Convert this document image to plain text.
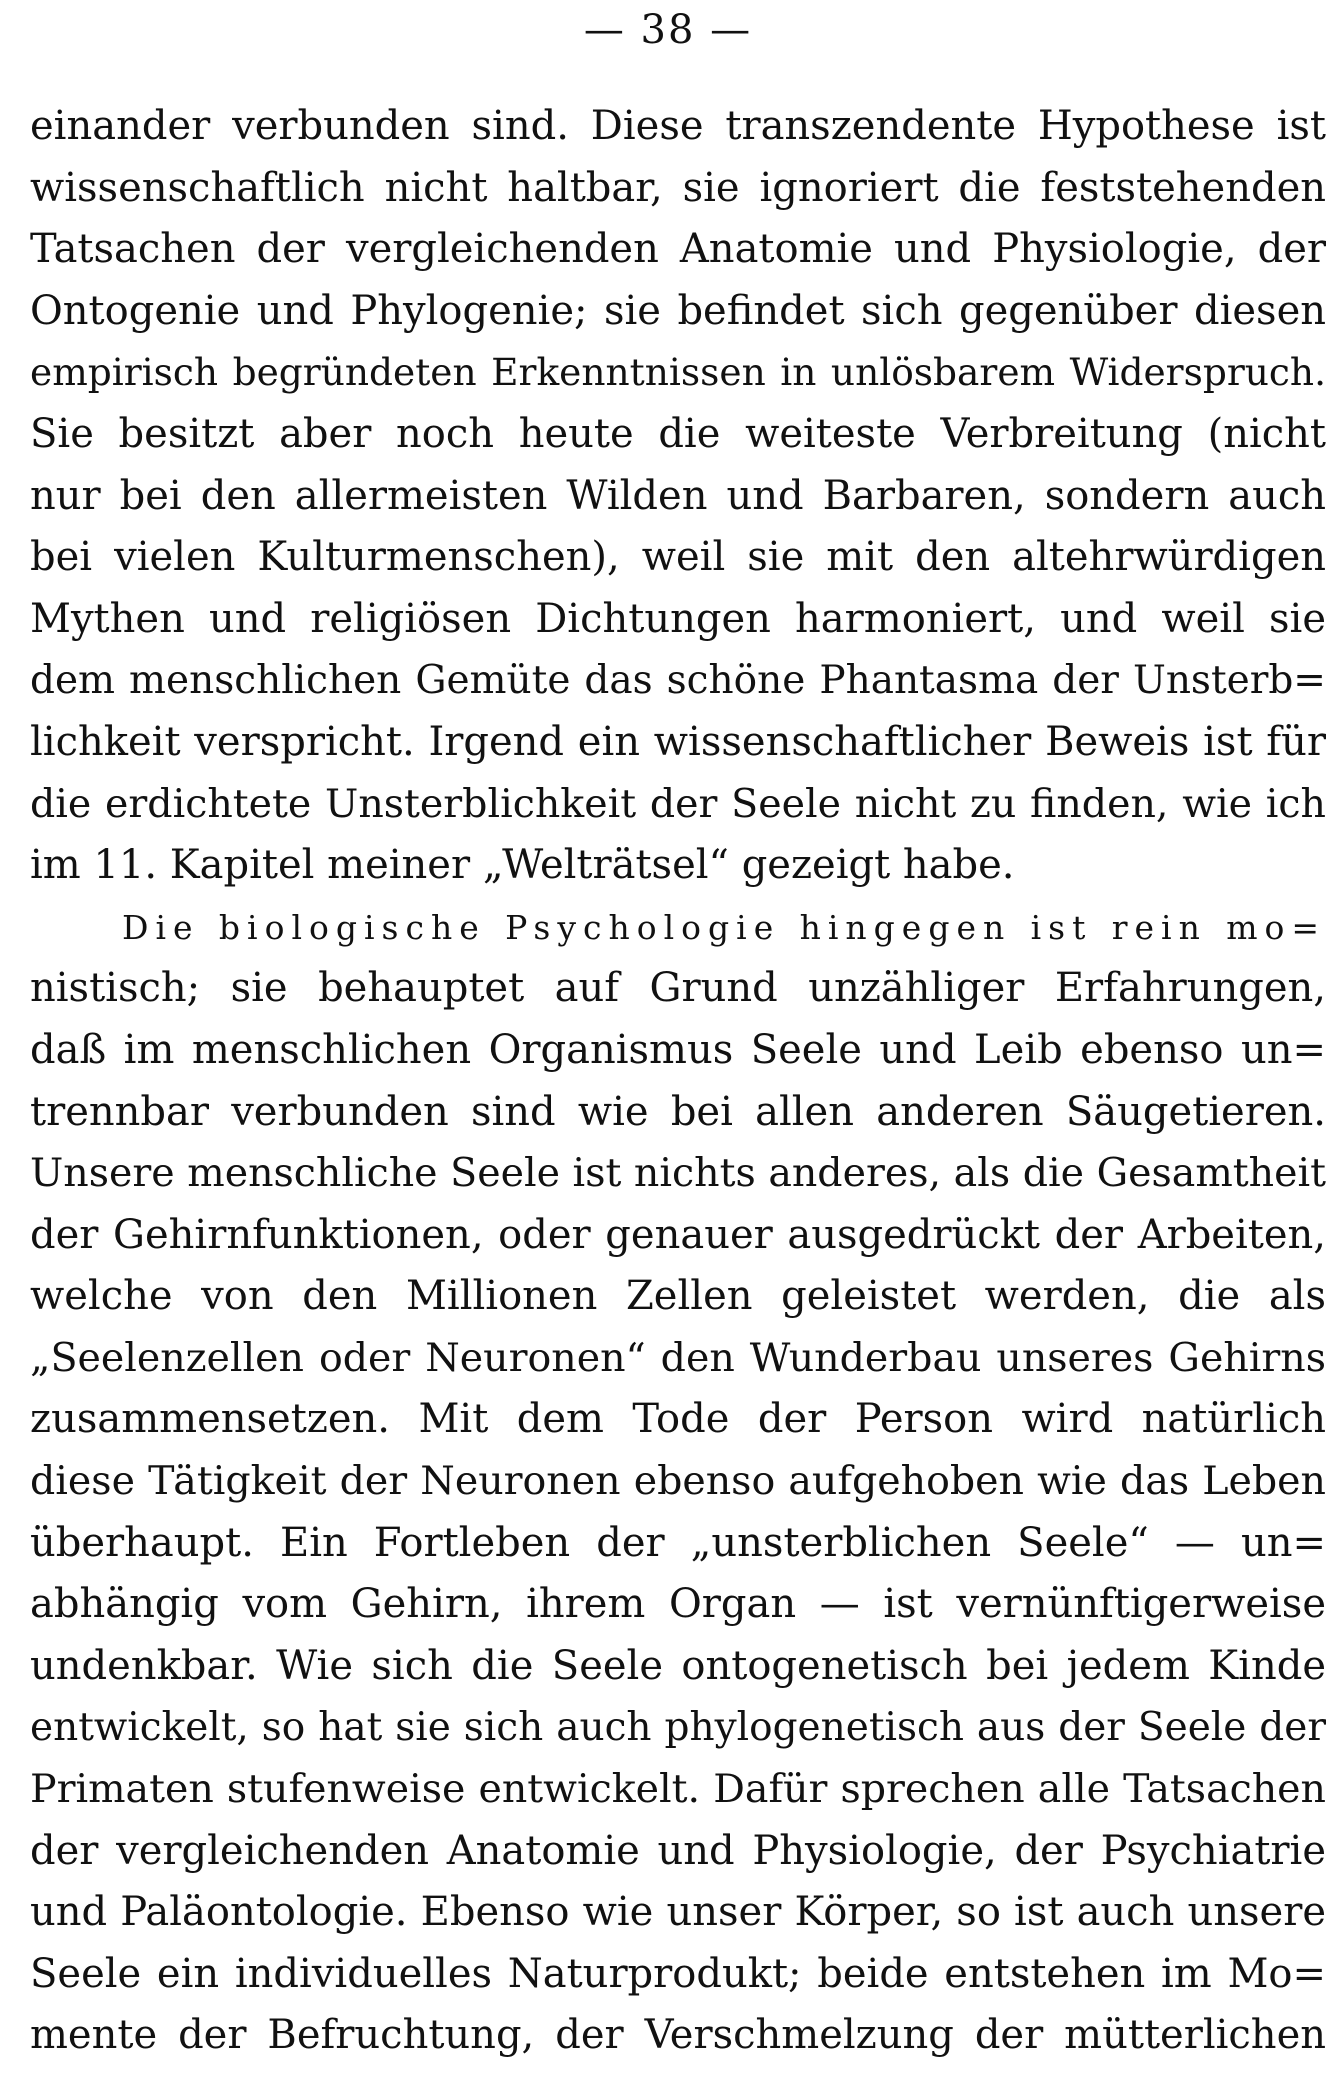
— 38 —
einander verbunden sind. Diese transzendente Hypothese ist
wissenschaftlich nicht haltbar, sie ignoriert die feststehenden
Tatsachen der vergleichenden Anatomie und Physiologie, der
Ontogenie und Phylogenie; sie befindet sich gegenüber diesen
empirisch begründeten Erkenntnissen in unlösbarem Widerspruch.
Sie besitzt aber noch heute die weiteste Verbreitung (nicht
nur bei den allermeisten Wilden und Barbaren, sondern auch
bei vielen Kulturmenschen), weil sie mit den altehrwürdigen
Mythen und religiösen Dichtungen harmoniert, und weil sie
dem menschlichen Gemüte das schöne Phantasma der Unsterb=
lichkeit verspricht. Irgend ein wissenschaftlicher Beweis ist für
die erdichtete Unsterblichkeit der Seele nicht zu finden, wie ich
im 11. Kapitel meiner „Welträtsel“ gezeigt habe.
Die biologische Psychologie hingegen ist rein mo=
nistisch; sie behauptet auf Grund unzähliger Erfahrungen,
daß im menschlichen Organismus Seele und Leib ebenso un=
trennbar verbunden sind wie bei allen anderen Säugetieren.
Unsere menschliche Seele ist nichts anderes, als die Gesamtheit
der Gehirnfunktionen, oder genauer ausgedrückt der Arbeiten,
welche von den Millionen Zellen geleistet werden, die als
„Seelenzellen oder Neuronen“ den Wunderbau unseres Gehirns
zusammensetzen. Mit dem Tode der Person wird natürlich
diese Tätigkeit der Neuronen ebenso aufgehoben wie das Leben
überhaupt. Ein Fortleben der „unsterblichen Seele“ — un=
abhängig vom Gehirn, ihrem Organ — ist vernünftigerweise
undenkbar. Wie sich die Seele ontogenetisch bei jedem Kinde
entwickelt, so hat sie sich auch phylogenetisch aus der Seele der
Primaten stufenweise entwickelt. Dafür sprechen alle Tatsachen
der vergleichenden Anatomie und Physiologie, der Psychiatrie
und Paläontologie. Ebenso wie unser Körper, so ist auch unsere
Seele ein individuelles Naturprodukt; beide entstehen im Mo=
mente der Befruchtung, der Verschmelzung der mütterlichen
